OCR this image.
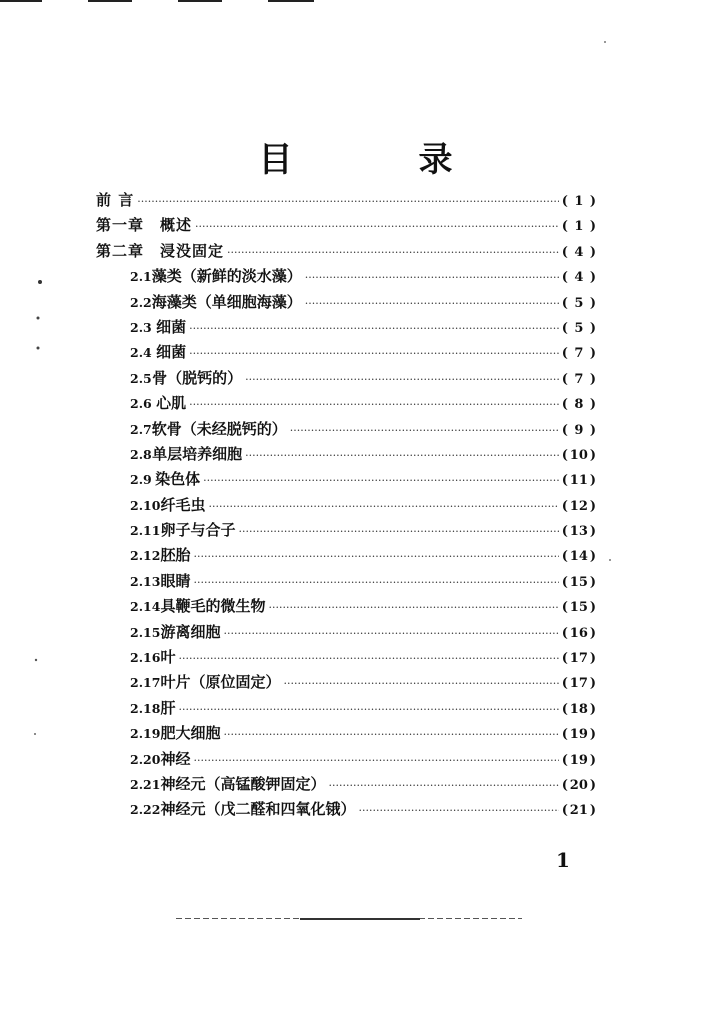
目　录
前 言 ·····	( 1 )
第一章　概述 ·····	( 1 )
第二章　浸没固定 ·····	( 4 )
2.1 藻类（新鲜的淡水藻） ·····	( 4 )
2.2 海藻类（单细胞海藻） ·····	( 5 )
2.3 细菌 ·····	( 5 )
2.4 细菌 ·····	( 7 )
2.5 骨（脱钙的） ·····	( 7 )
2.6 心肌 ·····	( 8 )
2.7 软骨（未经脱钙的） ·····	( 9 )
2.8 单层培养细胞 ·····	( 10 )
2.9 染色体 ·····	( 11 )
2.10 纤毛虫 ·····	( 12 )
2.11 卵子与合子 ·····	( 13 )
2.12 胚胎 ·····	( 14 )
2.13 眼睛 ·····	( 15 )
2.14 具鞭毛的微生物 ·····	( 15 )
2.15 游离细胞 ·····	( 16 )
2.16 叶 ·····	( 17 )
2.17 叶片（原位固定） ·····	( 17 )
2.18 肝 ·····	( 18 )
2.19 肥大细胞 ·····	( 19 )
2.20 神经 ·····	( 19 )
2.21 神经元（高锰酸钾固定） ·····	( 20 )
2.22 神经元（戊二醛和四氧化锇） ·····	( 21 )
1
